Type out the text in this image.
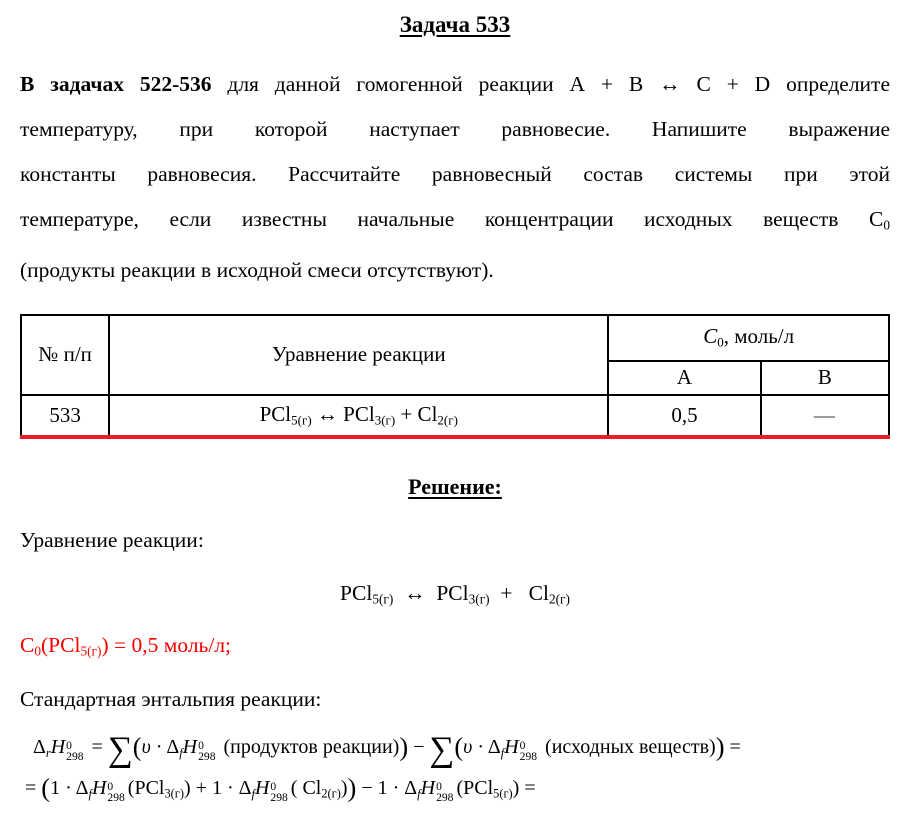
Задача 533
В задачах 522-536 для данной гомогенной реакции А + В ↔ С + D определите
температуру, при которой наступает равновесие. Напишите выражение
константы равновесия. Рассчитайте равновесный состав системы при этой
температуре, если известны начальные концентрации исходных веществ С0
(продукты реакции в исходной смеси отсутствуют).
№ п/п	Уравнение реакции	C0, моль/л	
		А	В
533	PCl5(г) ↔ PCl3(г) + Cl2(г)	0,5	—
Решение:
Уравнение реакции:
PCl5(г) ↔ PCl3(г) +  Cl2(г)
C0(PCl5(г)) = 0,5 моль/л;
Стандартная энтальпия реакции:
$\Delta_rH$ 0
$298 = \sum(\upsilon \cdot \Delta_fH$ 0
298 (продуктов реакции)) − $\sum(\upsilon \cdot \Delta_fH$ 0
298 (исходных веществ)) =
= ($1 \cdot \Delta_fH$ 0
298 $(PCl3(г)) + 1 \cdot \Delta_fH$ 0
298 ( $Cl2(г))) - 1 \cdot \Delta_fH$ 0
298 (PCl5(г)) =
